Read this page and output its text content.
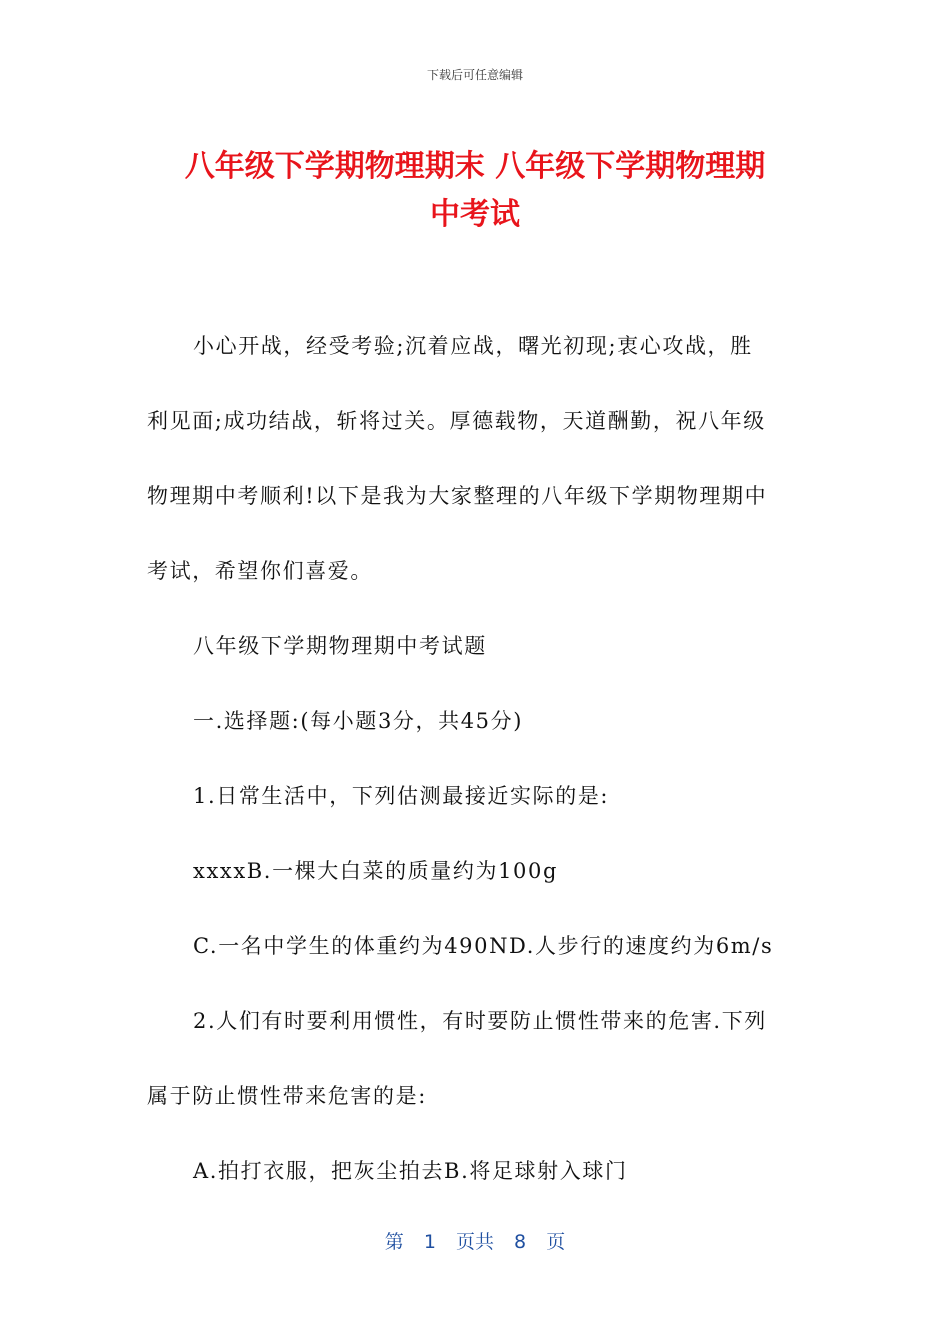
下载后可任意编辑
八年级下学期物理期末 八年级下学期物理期
中考试
小心开战，经受考验;沉着应战，曙光初现;衷心攻战，胜
利见面;成功结战，斩将过关。厚德载物，天道酬勤，祝八年级
物理期中考顺利!以下是我为大家整理的八年级下学期物理期中
考试，希望你们喜爱。
八年级下学期物理期中考试题
一.选择题:(每小题3分，共45分)
1.日常生活中，下列估测最接近实际的是:
xxxxB.一棵大白菜的质量约为100g
C.一名中学生的体重约为490ND.人步行的速度约为6m/s
2.人们有时要利用惯性，有时要防止惯性带来的危害.下列
属于防止惯性带来危害的是:
A.拍打衣服，把灰尘拍去B.将足球射入球门
第 1 页共 8 页
